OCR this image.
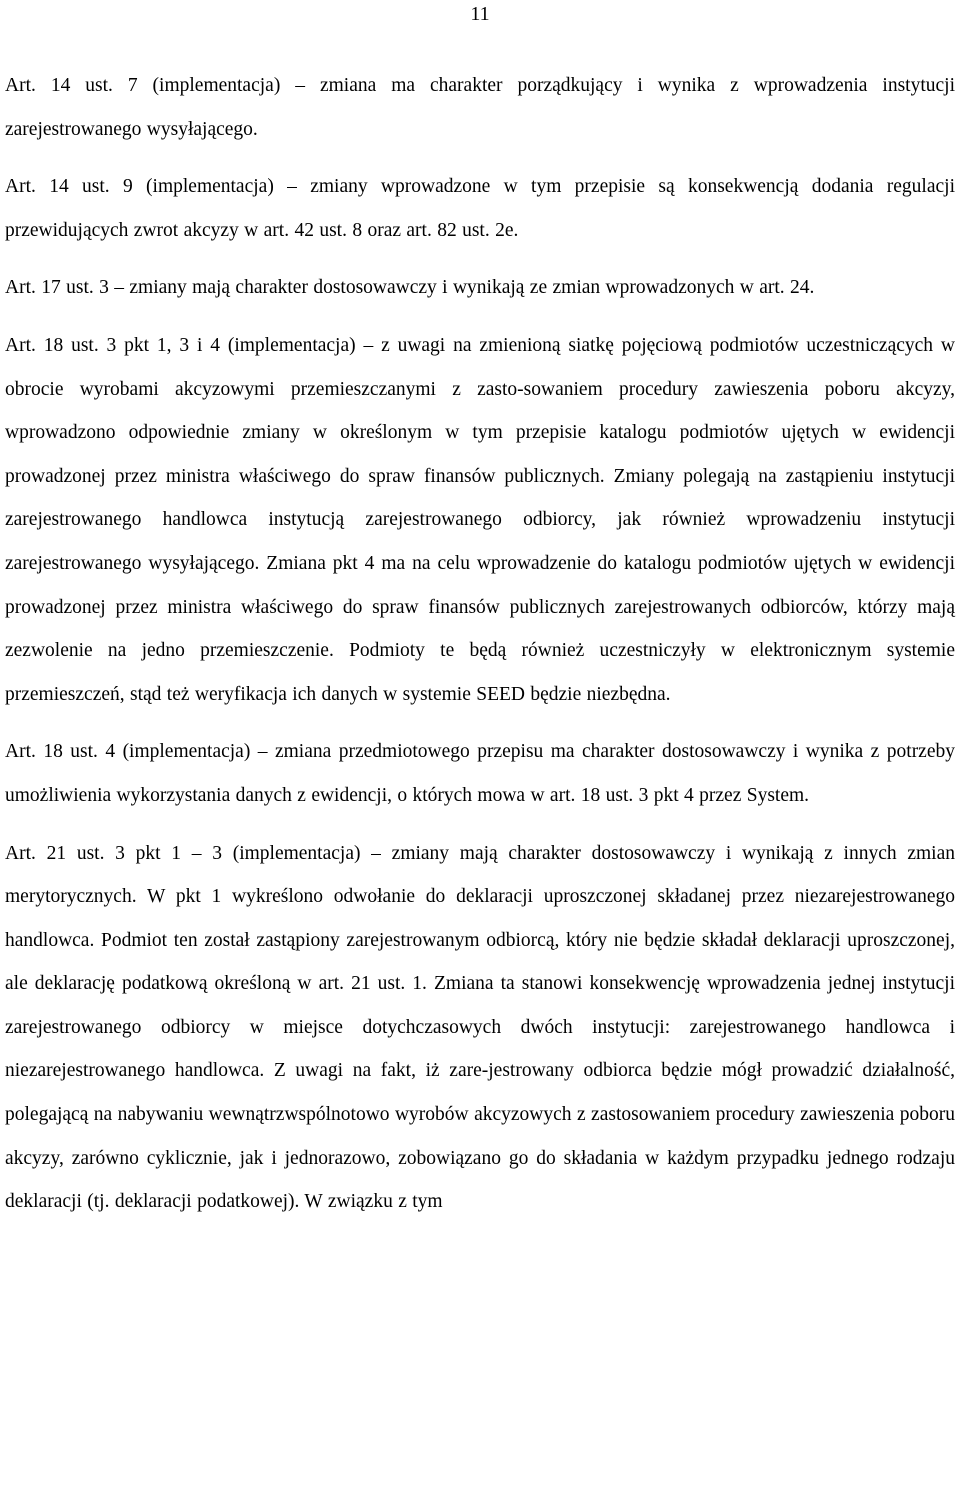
11

Art. 14 ust. 7 (implementacja) – zmiana ma charakter porządkujący i wynika z wprowadzenia instytucji zarejestrowanego wysyłającego.

Art. 14 ust. 9 (implementacja) – zmiany wprowadzone w tym przepisie są konsekwencją dodania regulacji przewidujących zwrot akcyzy w art. 42 ust. 8 oraz art. 82 ust. 2e.

Art. 17 ust. 3 – zmiany mają charakter dostosowawczy i wynikają ze zmian wprowadzonych w art. 24.

Art. 18 ust. 3 pkt 1, 3 i 4 (implementacja) – z uwagi na zmienioną siatkę pojęciową podmiotów uczestniczących w obrocie wyrobami akcyzowymi przemieszczanymi z zasto-sowaniem procedury zawieszenia poboru akcyzy, wprowadzono odpowiednie zmiany w określonym w tym przepisie katalogu podmiotów ujętych w ewidencji prowadzonej przez ministra właściwego do spraw finansów publicznych. Zmiany polegają na zastąpieniu instytucji zarejestrowanego handlowca instytucją zarejestrowanego odbiorcy, jak również wprowadzeniu instytucji zarejestrowanego wysyłającego. Zmiana pkt 4 ma na celu wprowadzenie do katalogu podmiotów ujętych w ewidencji prowadzonej przez ministra właściwego do spraw finansów publicznych zarejestrowanych odbiorców, którzy mają zezwolenie na jedno przemieszczenie. Podmioty te będą również uczestniczyły w elektronicznym systemie przemieszczeń, stąd też weryfikacja ich danych w systemie SEED będzie niezbędna.

Art. 18 ust. 4 (implementacja) – zmiana przedmiotowego przepisu ma charakter dostosowawczy i wynika z potrzeby umożliwienia wykorzystania danych z ewidencji, o których mowa w art. 18 ust. 3 pkt 4 przez System.

Art. 21 ust. 3 pkt 1 – 3 (implementacja) – zmiany mają charakter dostosowawczy i wynikają z innych zmian merytorycznych. W pkt 1 wykreślono odwołanie do deklaracji uproszczonej składanej przez niezarejestrowanego handlowca. Podmiot ten został zastąpiony zarejestrowanym odbiorcą, który nie będzie składał deklaracji uproszczonej, ale deklarację podatkową określoną w art. 21 ust. 1. Zmiana ta stanowi konsekwencję wprowadzenia jednej instytucji zarejestrowanego odbiorcy w miejsce dotychczasowych dwóch instytucji: zarejestrowanego handlowca i niezarejestrowanego handlowca. Z uwagi na fakt, iż zare-jestrowany odbiorca będzie mógł prowadzić działalność, polegającą na nabywaniu wewnątrzwspólnotowo wyrobów akcyzowych z zastosowaniem procedury zawieszenia poboru akcyzy, zarówno cyklicznie, jak i jednorazowo, zobowiązano go do składania w każdym przypadku jednego rodzaju deklaracji (tj. deklaracji podatkowej). W związku z tym
